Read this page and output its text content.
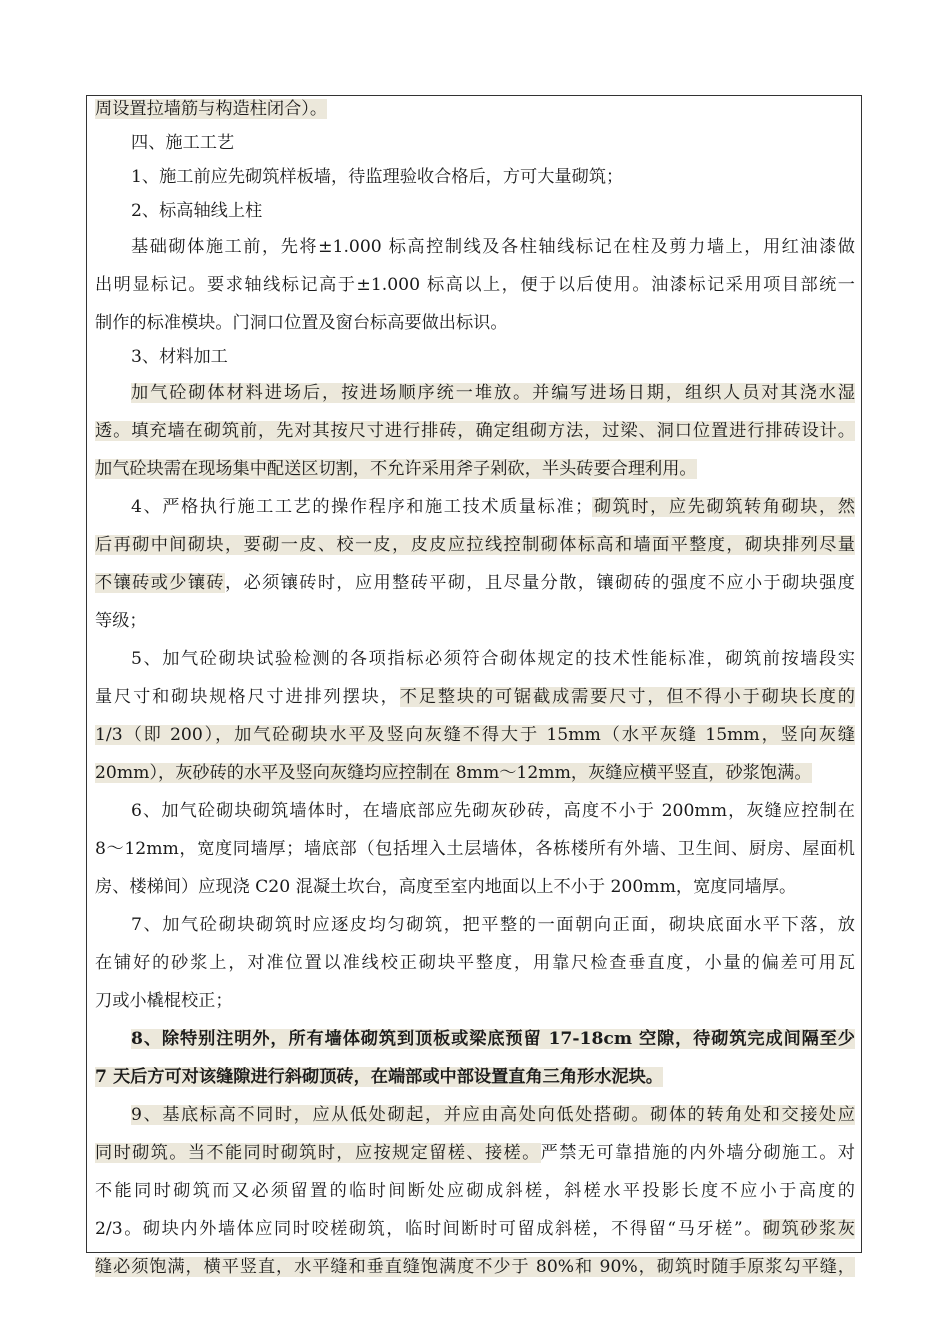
周设置拉墙筋与构造柱闭合）。
四、施工工艺
1、施工前应先砌筑样板墙，待监理验收合格后，方可大量砌筑；
2、标高轴线上柱
基础砌体施工前，先将±1.000 标高控制线及各柱轴线标记在柱及剪力墙上，用红油漆做
出明显标记。要求轴线标记高于±1.000 标高以上，便于以后使用。油漆标记采用项目部统一
制作的标准模块。门洞口位置及窗台标高要做出标识。
3、材料加工
加气砼砌体材料进场后，按进场顺序统一堆放。并编写进场日期，组织人员对其浇水湿
透。填充墙在砌筑前，先对其按尺寸进行排砖，确定组砌方法，过梁、洞口位置进行排砖设计。
加气砼块需在现场集中配送区切割，不允许采用斧子剁砍，半头砖要合理利用。
4、严格执行施工工艺的操作程序和施工技术质量标准；砌筑时，应先砌筑转角砌块，然
后再砌中间砌块，要砌一皮、校一皮，皮皮应拉线控制砌体标高和墙面平整度，砌块排列尽量
不镶砖或少镶砖，必须镶砖时，应用整砖平砌，且尽量分散，镶砌砖的强度不应小于砌块强度
等级；
5、加气砼砌块试验检测的各项指标必须符合砌体规定的技术性能标准，砌筑前按墙段实
量尺寸和砌块规格尺寸进排列摆块，不足整块的可锯截成需要尺寸，但不得小于砌块长度的
1/3（即 200），加气砼砌块水平及竖向灰缝不得大于 15mm（水平灰缝 15mm，竖向灰缝
20mm），灰砂砖的水平及竖向灰缝均应控制在 8mm～12mm，灰缝应横平竖直，砂浆饱满。
6、加气砼砌块砌筑墙体时，在墙底部应先砌灰砂砖，高度不小于 200mm，灰缝应控制在
8～12mm，宽度同墙厚；墙底部（包括埋入土层墙体，各栋楼所有外墙、卫生间、厨房、屋面机
房、楼梯间）应现浇 C20 混凝土坎台，高度至室内地面以上不小于 200mm，宽度同墙厚。
7、加气砼砌块砌筑时应逐皮均匀砌筑，把平整的一面朝向正面，砌块底面水平下落，放
在铺好的砂浆上，对准位置以准线校正砌块平整度，用靠尺检查垂直度，小量的偏差可用瓦
刀或小橇棍校正；
8、除特别注明外，所有墙体砌筑到顶板或梁底预留 17-18cm 空隙，待砌筑完成间隔至少
7 天后方可对该缝隙进行斜砌顶砖，在端部或中部设置直角三角形水泥块。
9、基底标高不同时，应从低处砌起，并应由高处向低处搭砌。砌体的转角处和交接处应
同时砌筑。当不能同时砌筑时，应按规定留槎、接槎。严禁无可靠措施的内外墙分砌施工。对
不能同时砌筑而又必须留置的临时间断处应砌成斜槎，斜槎水平投影长度不应小于高度的
2/3。砌块内外墙体应同时咬槎砌筑，临时间断时可留成斜槎，不得留“马牙槎”。砌筑砂浆灰
缝必须饱满，横平竖直，水平缝和垂直缝饱满度不少于 80%和 90%，砌筑时随手原浆勾平缝，
